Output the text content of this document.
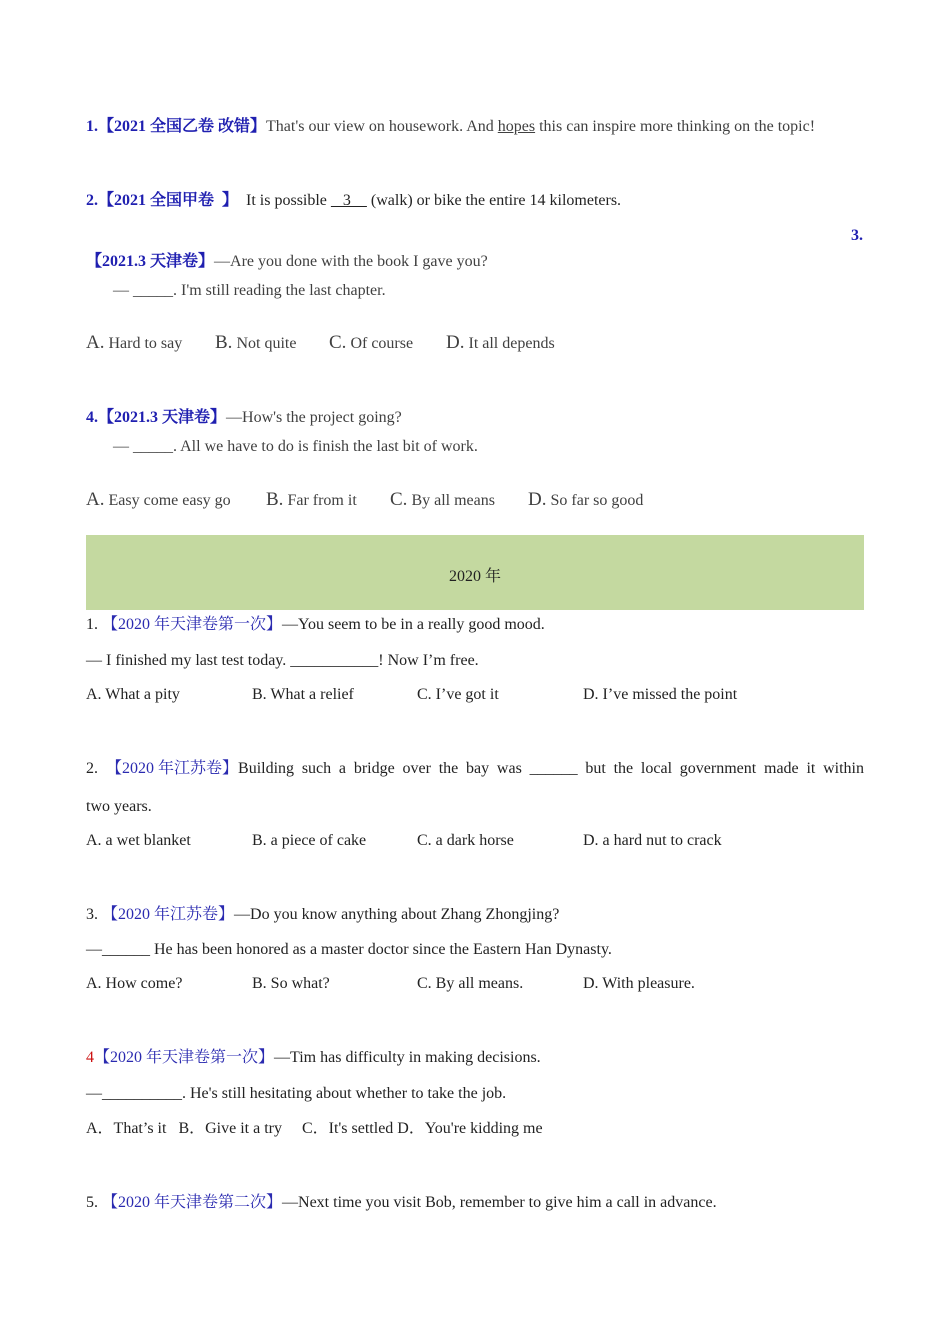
1.【2021 全国乙卷 改错】That's our view on housework. And hopes this can inspire more thinking on the topic!
2.【2021 全国甲卷  】  It is possible    3     (walk) or bike the entire 14 kilometers.
3.
【2021.3 天津卷】—Are you done with the book I gave you?
— _____. I'm still reading the last chapter.
A. Hard to say B. Not quite C. Of course D. It all depends
4.【2021.3 天津卷】—How's the project going?
— _____. All we have to do is finish the last bit of work.
A. Easy come easy go B. Far from it C. By all means D. So far so good
2020 年
1. 【2020 年天津卷第一次】—You seem to be in a really good mood.
— I finished my last test today. ___________! Now I’m free.
A. What a pity	B. What a relief	C. I’ve got it	D. I’ve missed the point
2.  【2020 年江苏卷】Building such a bridge over the bay was ______ but the local government made it within
two years.
A. a wet blanket	B. a piece of cake	C. a dark horse	D. a hard nut to crack
3. 【2020 年江苏卷】—Do you know anything about Zhang Zhongjing?
—______ He has been honored as a master doctor since the Eastern Han Dynasty.
A. How come?	B. So what?	C. By all means.	D. With pleasure.
4【2020 年天津卷第一次】—Tim has difficulty in making decisions.
—__________. He's still hesitating about whether to take the job.
A．That’s it   B．Give it a try     C．It's settled D．You're kidding me
5. 【2020 年天津卷第二次】—Next time you visit Bob, remember to give him a call in advance.
